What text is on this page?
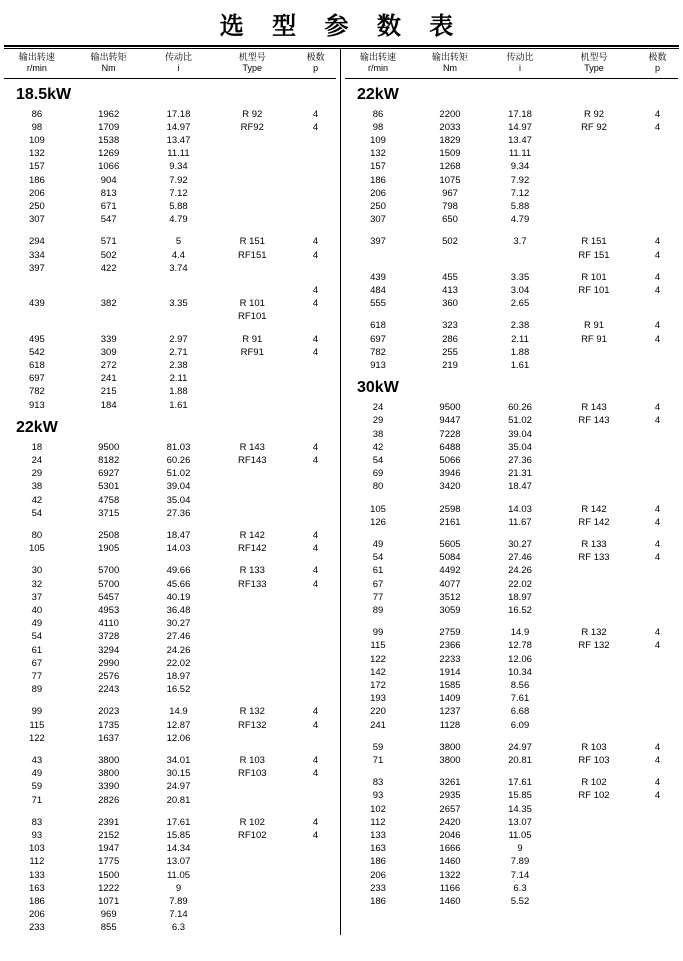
选 型 参 数 表
输出转速
r/min
输出转矩
Nm
传动比
i
机型号
Type
极数
p
18.5kW
86	1962	17.18	R 92	4
98	1709	14.97	RF92	4
109	1538	13.47
132	1269	11.11
157	1066	9.34
186	904	7.92
206	813	7.12
250	671	5.88
307	547	4.79
294	571	5	R 151	4
334	502	4.4	RF151	4
397	422	3.74
4
439	382	3.35	R 101	4
RF101
495	339	2.97	R 91	4
542	309	2.71	RF91	4
618	272	2.38
697	241	2.11
782	215	1.88
913	184	1.61
22kW
18	9500	81.03	R 143	4
24	8182	60.26	RF143	4
29	6927	51.02
38	5301	39.04
42	4758	35.04
54	3715	27.36
80	2508	18.47	R 142	4
105	1905	14.03	RF142	4
30	5700	49.66	R 133	4
32	5700	45.66	RF133	4
37	5457	40.19
40	4953	36.48
49	4110	30.27
54	3728	27.46
61	3294	24.26
67	2990	22.02
77	2576	18.97
89	2243	16.52
99	2023	14.9	R 132	4
115	1735	12.87	RF132	4
122	1637	12.06
43	3800	34.01	R 103	4
49	3800	30.15	RF103	4
59	3390	24.97
71	2826	20.81
83	2391	17.61	R 102	4
93	2152	15.85	RF102	4
103	1947	14.34
112	1775	13.07
133	1500	11.05
163	1222	9
186	1071	7.89
206	969	7.14
233	855	6.3
输出转速
r/min
输出转矩
Nm
传动比
i
机型号
Type
极数
p
22kW
86	2200	17.18	R 92	4
98	2033	14.97	RF 92	4
109	1829	13.47
132	1509	11.11
157	1268	9.34
186	1075	7.92
206	967	7.12
250	798	5.88
307	650	4.79
397	502	3.7	R 151	4
RF 151	4
439	455	3.35	R 101	4
484	413	3.04	RF 101	4
555	360	2.65
618	323	2.38	R 91	4
697	286	2.11	RF 91	4
782	255	1.88
913	219	1.61
30kW
24	9500	60.26	R 143	4
29	9447	51.02	RF 143	4
38	7228	39.04
42	6488	35.04
54	5066	27.36
69	3946	21.31
80	3420	18.47
105	2598	14.03	R 142	4
126	2161	11.67	RF 142	4
49	5605	30.27	R 133	4
54	5084	27.46	RF 133	4
61	4492	24.26
67	4077	22.02
77	3512	18.97
89	3059	16.52
99	2759	14.9	R 132	4
115	2366	12.78	RF 132	4
122	2233	12.06
142	1914	10.34
172	1585	8.56
193	1409	7.61
220	1237	6.68
241	1128	6.09
59	3800	24.97	R 103	4
71	3800	20.81	RF 103	4
83	3261	17.61	R 102	4
93	2935	15.85	RF 102	4
102	2657	14.35
112	2420	13.07
133	2046	11.05
163	1666	9
186	1460	7.89
206	1322	7.14
233	1166	6.3
186	1460	5.52
